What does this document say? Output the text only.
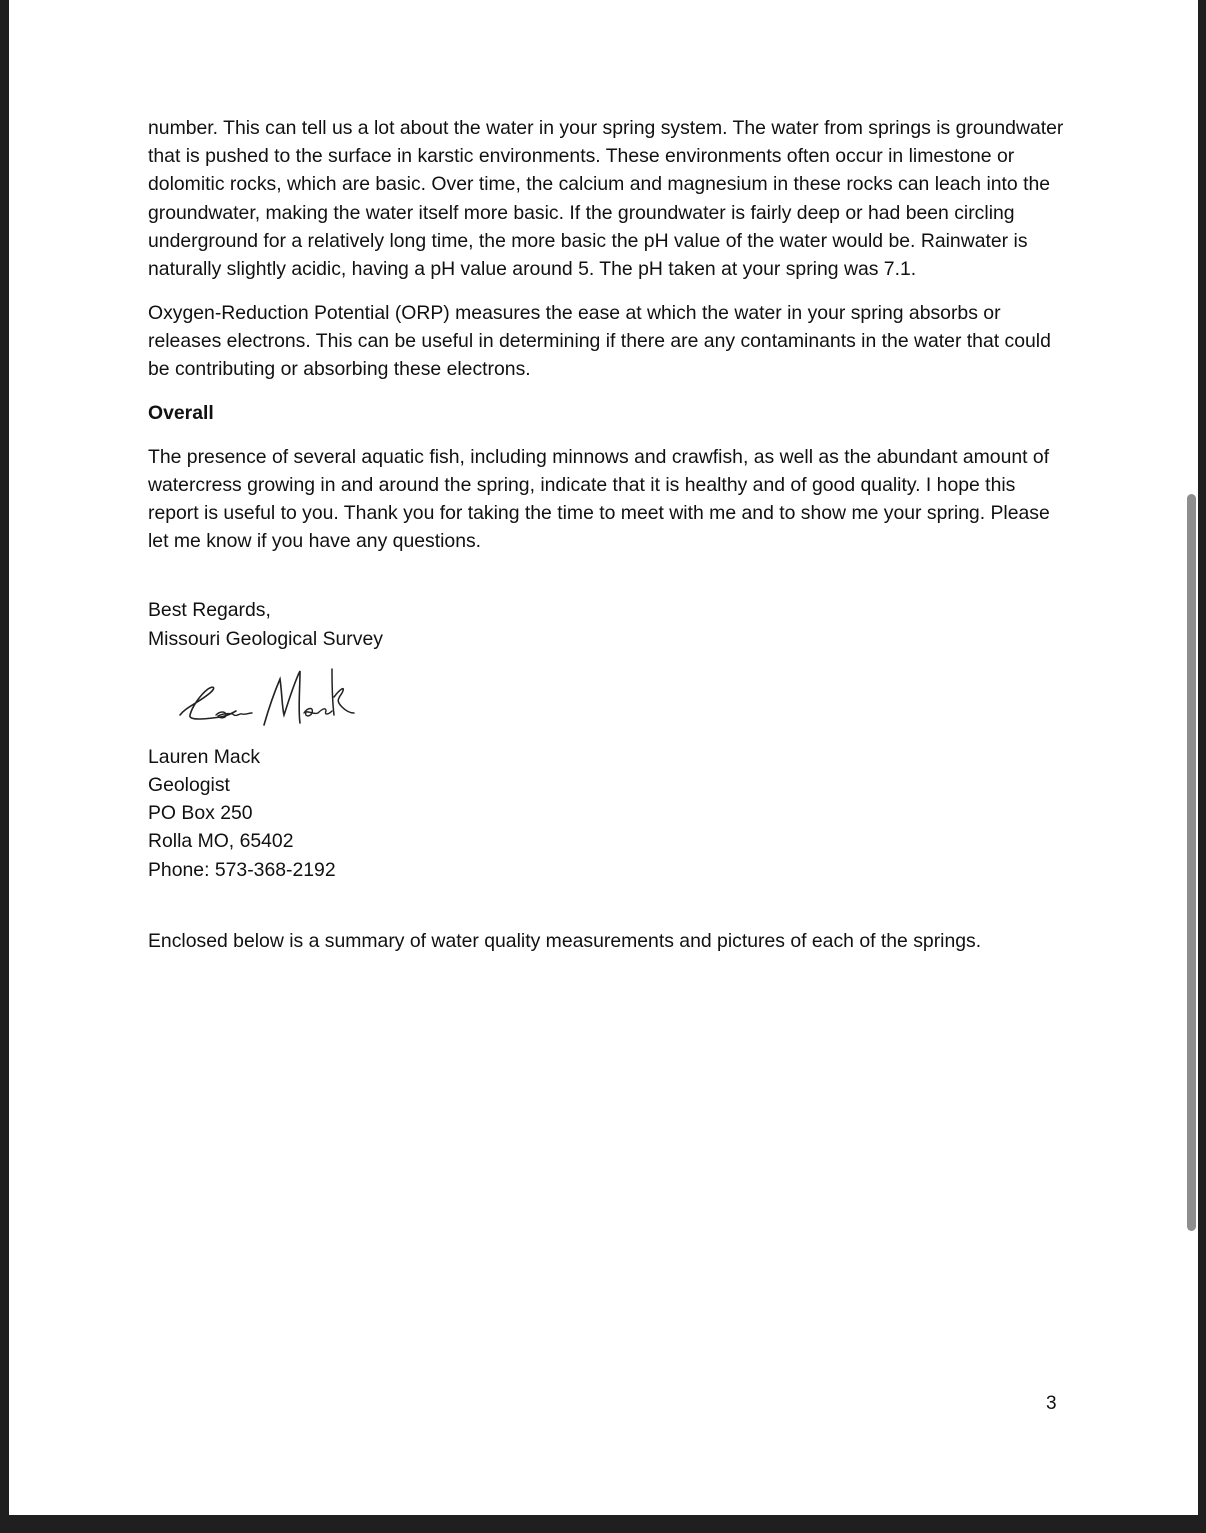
number. This can tell us a lot about the water in your spring system. The water from springs is groundwater that is pushed to the surface in karstic environments. These environments often occur in limestone or dolomitic rocks, which are basic. Over time, the calcium and magnesium in these rocks can leach into the groundwater, making the water itself more basic. If the groundwater is fairly deep or had been circling underground for a relatively long time, the more basic the pH value of the water would be. Rainwater is naturally slightly acidic, having a pH value around 5. The pH taken at your spring was 7.1.

Oxygen-Reduction Potential (ORP) measures the ease at which the water in your spring absorbs or releases electrons. This can be useful in determining if there are any contaminants in the water that could be contributing or absorbing these electrons.

Overall

The presence of several aquatic fish, including minnows and crawfish, as well as the abundant amount of watercress growing in and around the spring, indicate that it is healthy and of good quality. I hope this report is useful to you. Thank you for taking the time to meet with me and to show me your spring. Please let me know if you have any questions.

Best Regards,
Missouri Geological Survey
Lauren Mack
Geologist
PO Box 250
Rolla MO, 65402
Phone: 573-368-2192

Enclosed below is a summary of water quality measurements and pictures of each of the springs.

3
